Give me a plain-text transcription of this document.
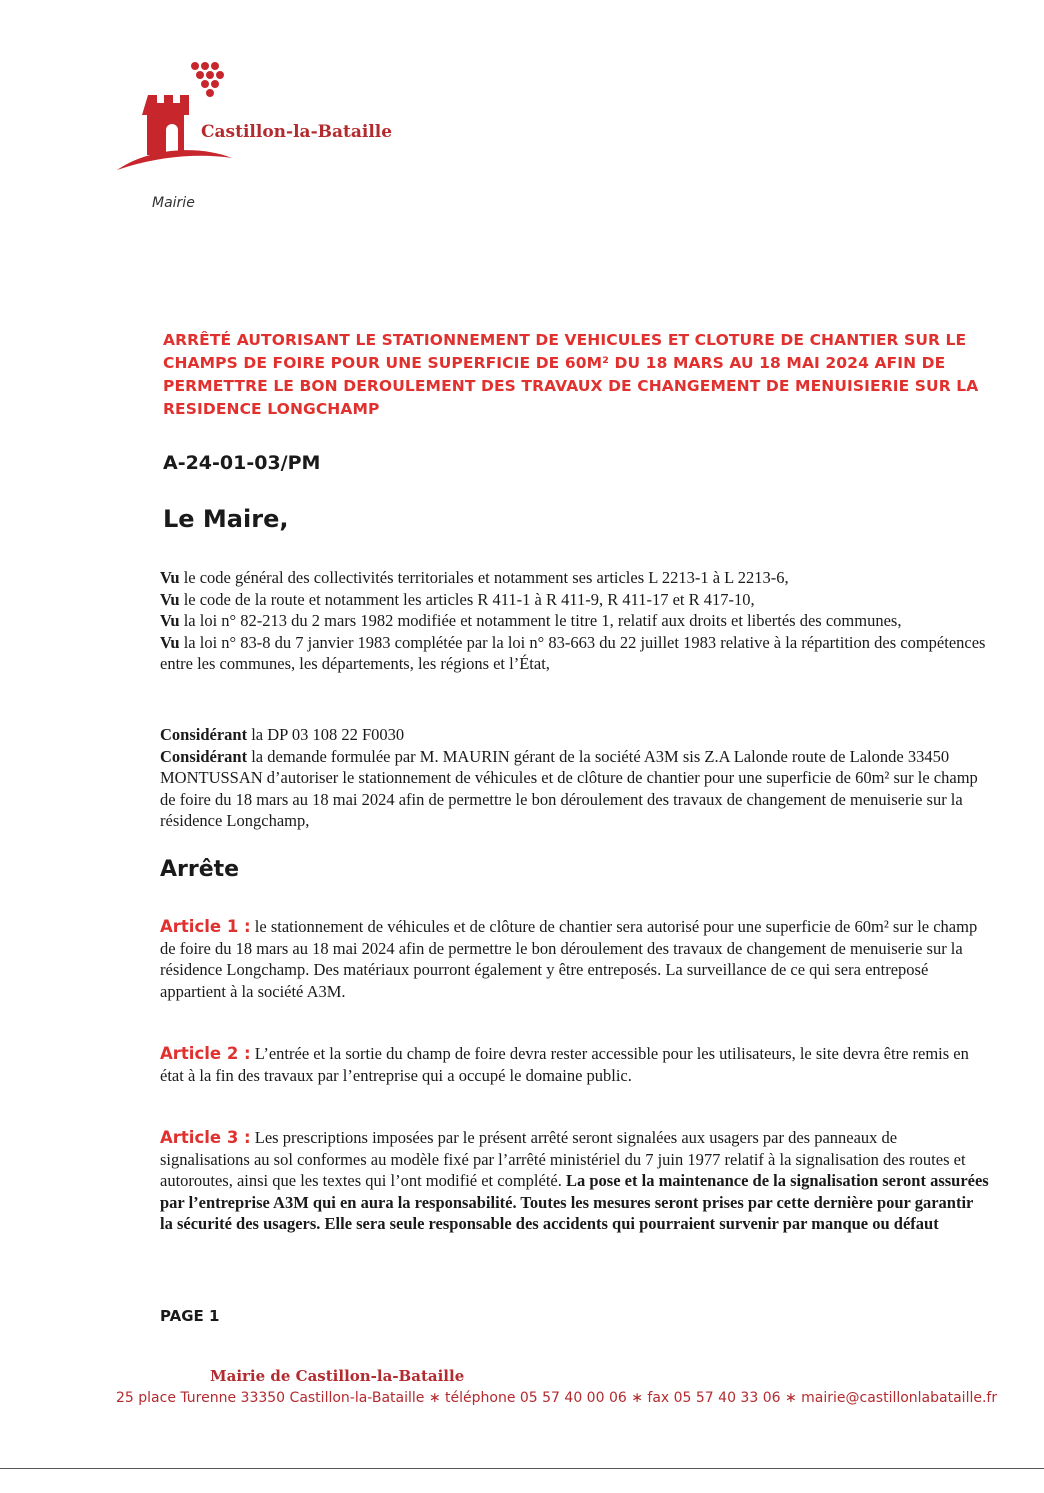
Castillon-la-Bataille
Mairie
ARRÊTÉ AUTORISANT LE STATIONNEMENT DE VEHICULES ET CLOTURE DE CHANTIER SUR LE CHAMPS DE FOIRE POUR UNE SUPERFICIE DE 60M² DU 18 MARS AU 18 MAI 2024 AFIN DE PERMETTRE LE BON DEROULEMENT DES TRAVAUX DE CHANGEMENT DE MENUISIERIE SUR LA RESIDENCE LONGCHAMP
A-24-01-03/PM
Le Maire,

Vu le code général des collectivités territoriales et notamment ses articles L 2213-1 à L 2213-6,

Vu le code de la route et notamment les articles R 411-1 à R 411-9, R 411-17 et R 417-10,

Vu la loi n° 82-213 du 2 mars 1982 modifiée et notamment le titre 1, relatif aux droits et libertés des communes,

Vu la loi n° 83-8 du 7 janvier 1983 complétée par la loi n° 83-663 du 22 juillet 1983 relative à la répartition des compétences entre les communes, les départements, les régions et l’État,

Considérant la DP 03 108 22 F0030

Considérant la demande formulée par M. MAURIN gérant de la société A3M sis Z.A Lalonde route de Lalonde 33450 MONTUSSAN d’autoriser le stationnement de véhicules et de clôture de chantier pour une superficie de 60m² sur le champ de foire du 18 mars au 18 mai 2024 afin de permettre le bon déroulement des travaux de changement de menuiserie sur la résidence Longchamp,

Arrête

Article 1 : le stationnement de véhicules et de clôture de chantier sera autorisé pour une superficie de 60m² sur le champ de foire du 18 mars au 18 mai 2024 afin de permettre le bon déroulement des travaux de changement de menuiserie sur la résidence Longchamp. Des matériaux pourront également y être entreposés. La surveillance de ce qui sera entreposé appartient à la société A3M.

Article 2 : L’entrée et la sortie du champ de foire devra rester accessible pour les utilisateurs, le site devra être remis en état à la fin des travaux par l’entreprise qui a occupé le domaine public.

Article 3 : Les prescriptions imposées par le présent arrêté seront signalées aux usagers par des panneaux de signalisations au sol conformes au modèle fixé par l’arrêté ministériel du 7 juin 1977 relatif à la signalisation des routes et autoroutes, ainsi que les textes qui l’ont modifié et complété. La pose et la maintenance de la signalisation seront assurées par l’entreprise A3M qui en aura la responsabilité. Toutes les mesures seront prises par cette dernière pour garantir la sécurité des usagers. Elle sera seule responsable des accidents qui pourraient survenir par manque ou défaut

PAGE 1
Mairie de Castillon-la-Bataille
25 place Turenne 33350 Castillon-la-Bataille ∗ téléphone 05 57 40 00 06 ∗ fax 05 57 40 33 06 ∗ mairie@castillonlabataille.fr
